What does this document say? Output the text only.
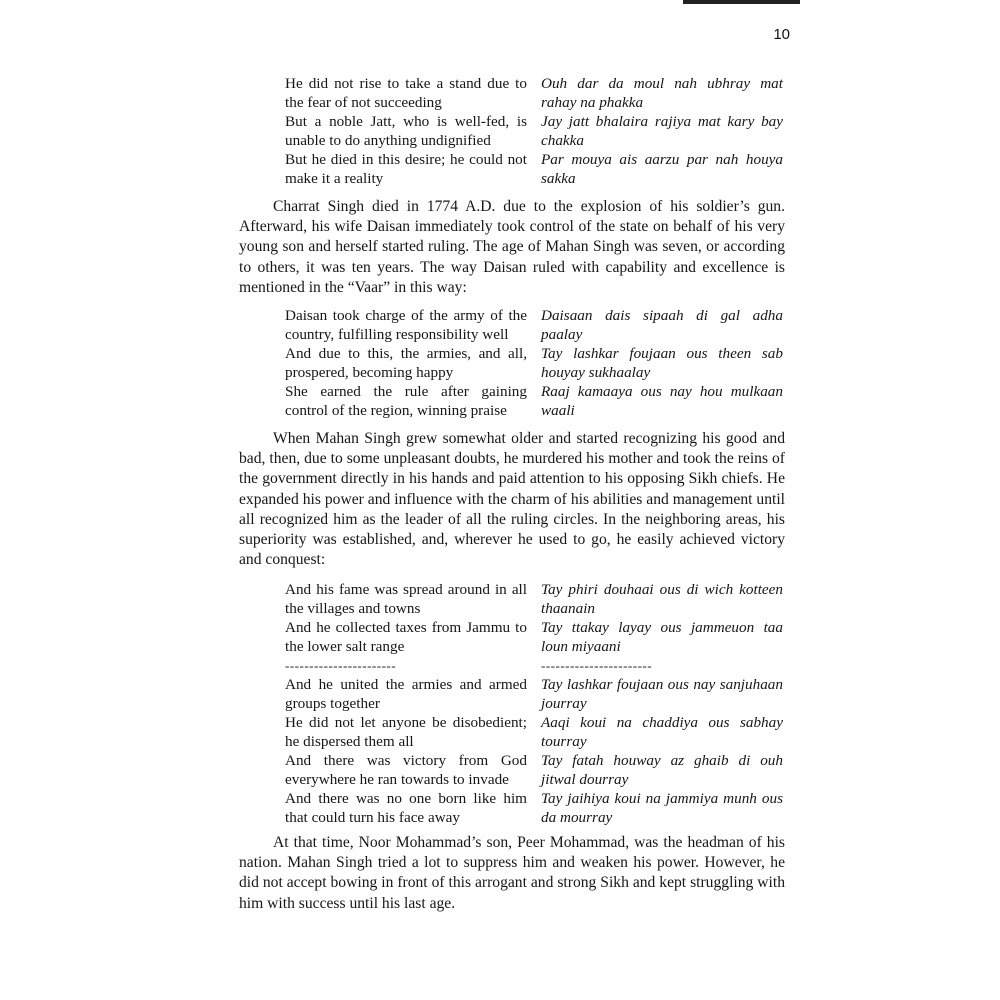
10
He did not rise to take a stand due to the fear of not succeeding
Ouh dar da moul nah ubhray mat rahay na phakka
But a noble Jatt, who is well-fed, is unable to do anything undignified
Jay jatt bhalaira rajiya mat kary bay chakka
But he died in this desire; he could not make it a reality
Par mouya ais aarzu par nah houya sakka

Charrat Singh died in 1774 A.D. due to the explosion of his soldier’s gun. Afterward, his wife Daisan immediately took control of the state on behalf of his very young son and herself started ruling. The age of Mahan Singh was seven, or according to others, it was ten years. The way Daisan ruled with capability and excellence is mentioned in the “Vaar” in this way:

Daisan took charge of the army of the country, fulfilling responsibility well
Daisaan dais sipaah di gal adha paalay
And due to this, the armies, and all, prospered, becoming happy
Tay lashkar foujaan ous theen sab houyay sukhaalay
She earned the rule after gaining control of the region, winning praise
Raaj kamaaya ous nay hou mulkaan waali

When Mahan Singh grew somewhat older and started recognizing his good and bad, then, due to some unpleasant doubts, he murdered his mother and took the reins of the government directly in his hands and paid attention to his opposing Sikh chiefs. He expanded his power and influence with the charm of his abilities and management until all recognized him as the leader of all the ruling circles. In the neighboring areas, his superiority was established, and, wherever he used to go, he easily achieved victory and conquest:

And his fame was spread around in all the villages and towns
Tay phiri douhaai ous di wich kotteen thaanain
And he collected taxes from Jammu to the lower salt range
Tay ttakay layay ous jammeuon taa loun miyaani
-----------------------	-----------------------
And he united the armies and armed groups together
Tay lashkar foujaan ous nay sanjuhaan jourray
He did not let anyone be disobedient; he dispersed them all
Aaqi koui na chaddiya ous sabhay tourray
And there was victory from God everywhere he ran towards to invade
Tay fatah houway az ghaib di ouh jitwal dourray
And there was no one born like him that could turn his face away
Tay jaihiya koui na jammiya munh ous da mourray

At that time, Noor Mohammad’s son, Peer Mohammad, was the headman of his nation. Mahan Singh tried a lot to suppress him and weaken his power. However, he did not accept bowing in front of this arrogant and strong Sikh and kept struggling with him with success until his last age.
